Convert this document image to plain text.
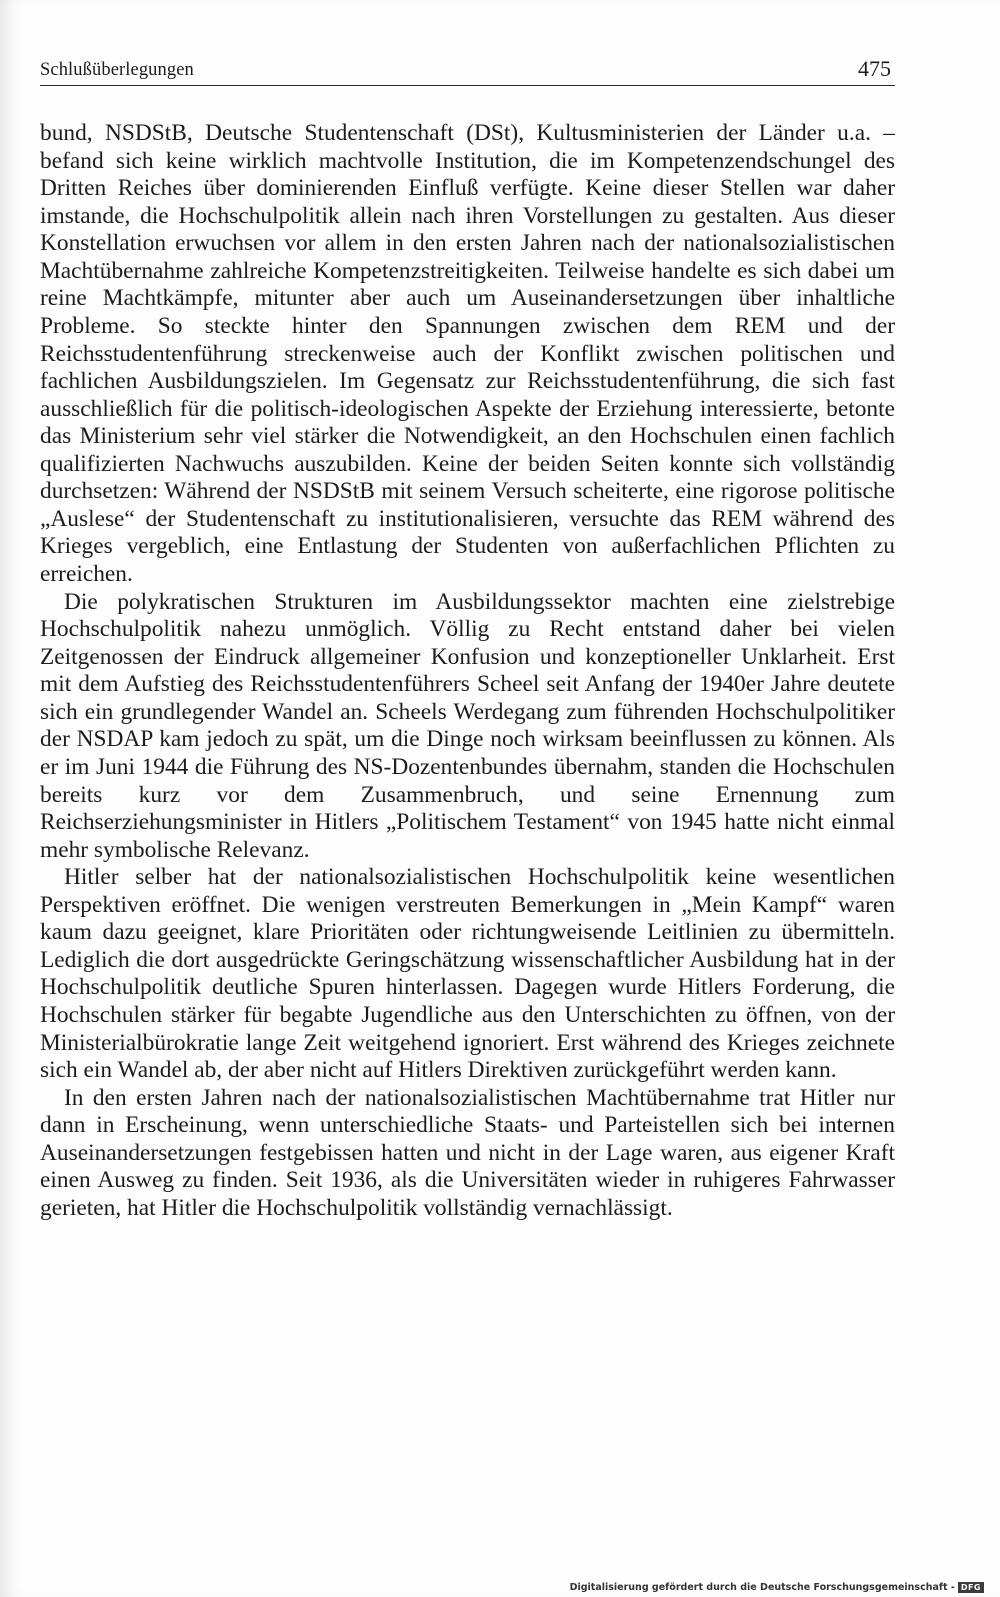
Schlußüberlegungen	475

bund, NSDStB, Deutsche Studentenschaft (DSt), Kultusministerien der Länder u.a. – befand sich keine wirklich machtvolle Institution, die im Kompetenzendschungel des Dritten Reiches über dominierenden Einfluß verfügte. Keine dieser Stellen war daher imstande, die Hochschulpolitik allein nach ihren Vorstellungen zu gestalten. Aus dieser Konstellation erwuchsen vor allem in den ersten Jahren nach der nationalsozialistischen Machtübernahme zahlreiche Kompetenzstreitigkeiten. Teilweise handelte es sich dabei um reine Machtkämpfe, mitunter aber auch um Auseinandersetzungen über inhaltliche Probleme. So steckte hinter den Spannungen zwischen dem REM und der Reichsstudentenführung streckenweise auch der Konflikt zwischen politischen und fachlichen Ausbildungszielen. Im Gegensatz zur Reichsstudentenführung, die sich fast ausschließlich für die politisch-ideologischen Aspekte der Erziehung interessierte, betonte das Ministerium sehr viel stärker die Notwendigkeit, an den Hochschulen einen fachlich qualifizierten Nachwuchs auszubilden. Keine der beiden Seiten konnte sich vollständig durchsetzen: Während der NSDStB mit seinem Versuch scheiterte, eine rigorose politische „Auslese“ der Studentenschaft zu institutionalisieren, versuchte das REM während des Krieges vergeblich, eine Entlastung der Studenten von außerfachlichen Pflichten zu erreichen.

Die polykratischen Strukturen im Ausbildungssektor machten eine zielstrebige Hochschulpolitik nahezu unmöglich. Völlig zu Recht entstand daher bei vielen Zeitgenossen der Eindruck allgemeiner Konfusion und konzeptioneller Unklarheit. Erst mit dem Aufstieg des Reichsstudentenführers Scheel seit Anfang der 1940er Jahre deutete sich ein grundlegender Wandel an. Scheels Werdegang zum führenden Hochschulpolitiker der NSDAP kam jedoch zu spät, um die Dinge noch wirksam beeinflussen zu können. Als er im Juni 1944 die Führung des NS-Dozentenbundes übernahm, standen die Hochschulen bereits kurz vor dem Zusammenbruch, und seine Ernennung zum Reichserziehungsminister in Hitlers „Politischem Testament“ von 1945 hatte nicht einmal mehr symbolische Relevanz.

Hitler selber hat der nationalsozialistischen Hochschulpolitik keine wesentlichen Perspektiven eröffnet. Die wenigen verstreuten Bemerkungen in „Mein Kampf“ waren kaum dazu geeignet, klare Prioritäten oder richtungweisende Leitlinien zu übermitteln. Lediglich die dort ausgedrückte Geringschätzung wissenschaftlicher Ausbildung hat in der Hochschulpolitik deutliche Spuren hinterlassen. Dagegen wurde Hitlers Forderung, die Hochschulen stärker für begabte Jugendliche aus den Unterschichten zu öffnen, von der Ministerialbürokratie lange Zeit weitgehend ignoriert. Erst während des Krieges zeichnete sich ein Wandel ab, der aber nicht auf Hitlers Direktiven zurückgeführt werden kann.

In den ersten Jahren nach der nationalsozialistischen Machtübernahme trat Hitler nur dann in Erscheinung, wenn unterschiedliche Staats- und Parteistellen sich bei internen Auseinandersetzungen festgebissen hatten und nicht in der Lage waren, aus eigener Kraft einen Ausweg zu finden. Seit 1936, als die Universitäten wieder in ruhigeres Fahrwasser gerieten, hat Hitler die Hochschulpolitik vollständig vernachlässigt.

Digitalisierung gefördert durch die Deutsche Forschungsgemeinschaft - DFG
